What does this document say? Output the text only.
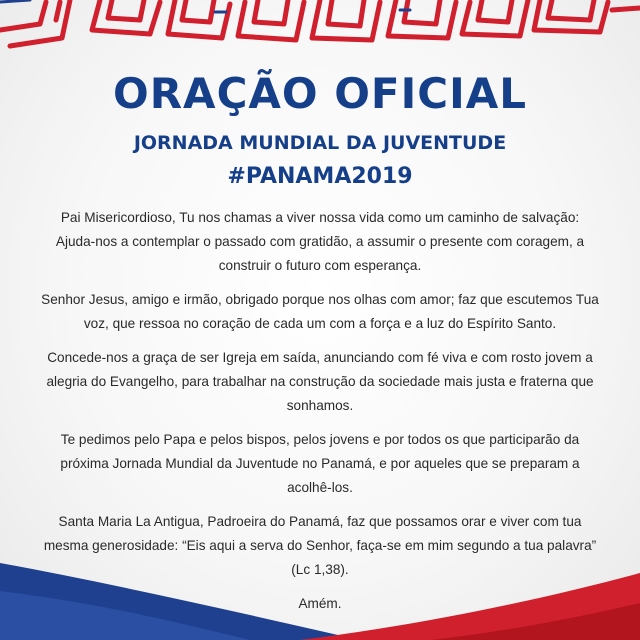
ORAÇÃO OFICIAL
JORNADA MUNDIAL DA JUVENTUDE
#PANAMA2019

Pai Misericordioso, Tu nos chamas a viver nossa vida como um caminho de salvação: Ajuda-nos a contemplar o passado com gratidão, a assumir o presente com coragem, a construir o futuro com esperança.

Senhor Jesus, amigo e irmão, obrigado porque nos olhas com amor; faz que escutemos Tua voz, que ressoa no coração de cada um com a força e a luz do Espírito Santo.

Concede-nos a graça de ser Igreja em saída, anunciando com fé viva e com rosto jovem a alegria do Evangelho, para trabalhar na construção da sociedade mais justa e fraterna que sonhamos.

Te pedimos pelo Papa e pelos bispos, pelos jovens e por todos os que participarão da próxima Jornada Mundial da Juventude no Panamá, e por aqueles que se preparam a acolhê-los.

Santa Maria La Antigua, Padroeira do Panamá, faz que possamos orar e viver com tua mesma generosidade: “Eis aqui a serva do Senhor, faça-se em mim segundo a tua palavra” (Lc 1,38).

Amém.
